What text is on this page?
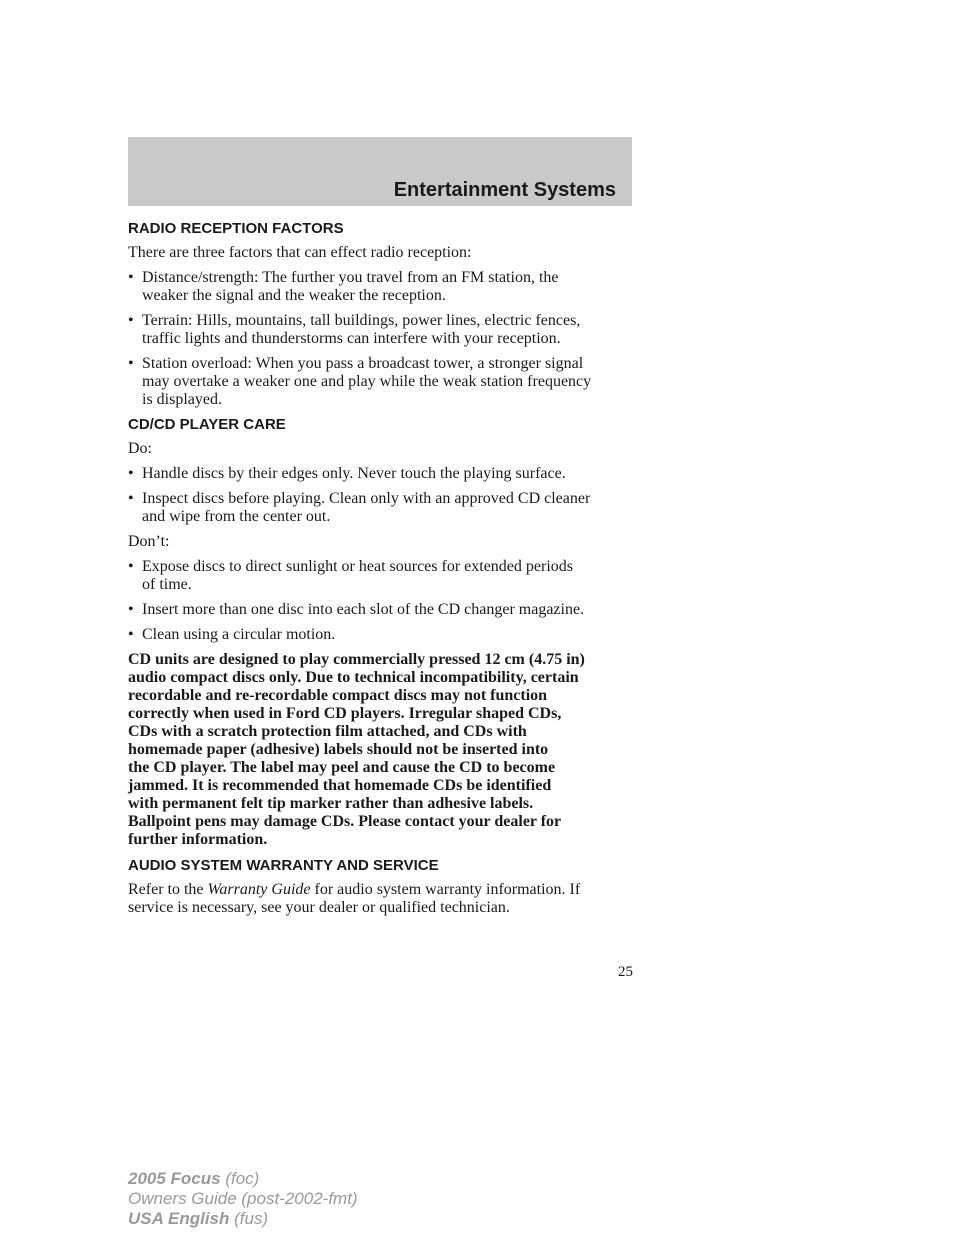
Entertainment Systems
RADIO RECEPTION FACTORS
There are three factors that can effect radio reception:
• Distance/strength: The further you travel from an FM station, the
weaker the signal and the weaker the reception.
• Terrain: Hills, mountains, tall buildings, power lines, electric fences,
traffic lights and thunderstorms can interfere with your reception.
• Station overload: When you pass a broadcast tower, a stronger signal
may overtake a weaker one and play while the weak station frequency
is displayed.
CD/CD PLAYER CARE
Do:
• Handle discs by their edges only. Never touch the playing surface.
• Inspect discs before playing. Clean only with an approved CD cleaner
and wipe from the center out.
Don’t:
• Expose discs to direct sunlight or heat sources for extended periods
of time.
• Insert more than one disc into each slot of the CD changer magazine.
• Clean using a circular motion.
CD units are designed to play commercially pressed 12 cm (4.75 in)
audio compact discs only. Due to technical incompatibility, certain
recordable and re-recordable compact discs may not function
correctly when used in Ford CD players. Irregular shaped CDs,
CDs with a scratch protection film attached, and CDs with
homemade paper (adhesive) labels should not be inserted into
the CD player. The label may peel and cause the CD to become
jammed. It is recommended that homemade CDs be identified
with permanent felt tip marker rather than adhesive labels.
Ballpoint pens may damage CDs. Please contact your dealer for
further information.
AUDIO SYSTEM WARRANTY AND SERVICE
Refer to the Warranty Guide for audio system warranty information. If
service is necessary, see your dealer or qualified technician.
25
2005 Focus (foc)
Owners Guide (post-2002-fmt)
USA English (fus)
